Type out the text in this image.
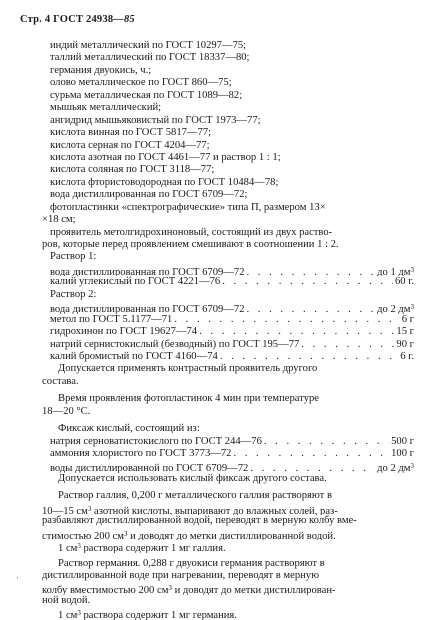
Стр. 4 ГОСТ 24938—85
индий металлический по ГОСТ 10297—75;
таллий металлический по ГОСТ 18337—80;
германия двуокись, ч.;
олово металлическое по ГОСТ 860—75;
сурьма металлическая по ГОСТ 1089—82;
мышьяк металлический;
ангидрид мышьяковистый по ГОСТ 1973—77;
кислота винная по ГОСТ 5817—77;
кислота серная по ГОСТ 4204—77;
кислота азотная по ГОСТ 4461—77 и раствор 1 : 1;
кислота соляная по ГОСТ 3118—77;
кислота фтористоводородная по ГОСТ 10484—78;
вода дистиллированная по ГОСТ 6709—72;
фотопластинки «спектрографические» типа П, размером 13×
×18 см;
проявитель метолгидрохиноновый, состоящий из двух раство-
ров, которые перед проявлением смешивают в соотношении 1 : 2.
Раствор 1:
вода дистиллированная по ГОСТ 6709—72 . . .	до 1 $дм^3$
калий углекислый по ГОСТ 4221—76 . . .	60 г.
Раствор 2:
вода дистиллированная по ГОСТ 6709—72 . . .	до 2 $дм^3$
метол по ГОСТ 5.1177—71 . . .	6 г
гидрохинон по ГОСТ 19627—74 . . .	15 г
натрий сернистокислый (безводный) по ГОСТ 195—77 . . .	90 г
калий бромистый по ГОСТ 4160—74 . . .	6 г.
Допускается применять контрастный проявитель другого
состава.
Время проявления фотопластинок 4 мин при температуре
18—20 °C.
Фиксаж кислый, состоящий из:
натрия серноватистокислого по ГОСТ 244—76 . . .	500 г
аммония хлористого по ГОСТ 3773—72 . . .	100 г
воды дистиллированной по ГОСТ 6709—72 . . .	до 2 $дм^3$
Допускается использовать кислый фиксаж другого состава.
Раствор галлия, 0,200 г металлического галлия растворяют в
10—15 $см^3$ азотной кислоты, выпаривают до влажных солей, раз-
разбавляют дистиллированной водой, переводят в мерную колбу вме-
стимостью 200 $см^3$ и доводят до метки дистиллированной водой.
1 $см^3$ раствора содержит 1 мг галлия.
Раствор германия. 0,288 г двуокиси германия растворяют в
дистиллированной воде при нагревании, переводят в мерную
колбу вместимостью 200 $см^3$ и доводят до метки дистиллирован-
ной водой.
1 $см^3$ раствора содержит 1 мг германия.
·
